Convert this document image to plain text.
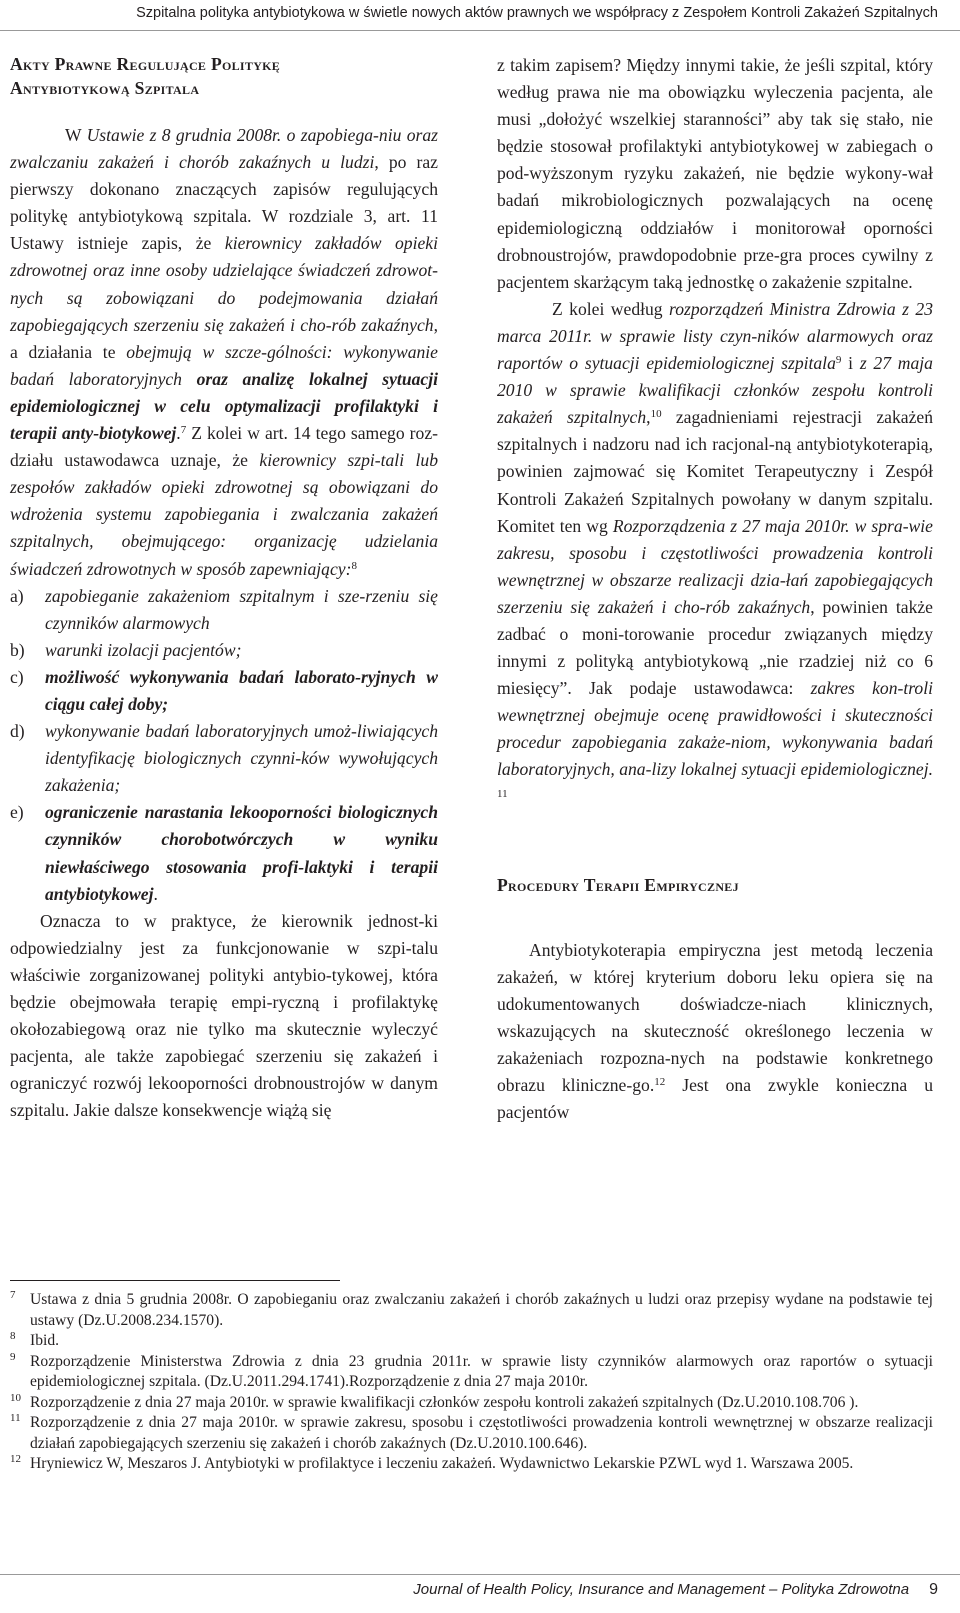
Szpitalna polityka antybiotykowa w świetle nowych aktów prawnych we współpracy z Zespołem Kontroli Zakażeń Szpitalnych
Akty Prawne Regulujące Politykę
Antybiotykową Szpitala

W Ustawie z 8 grudnia 2008r. o zapobiega-niu oraz zwalczaniu zakażeń i chorób zakaźnych u ludzi, po raz pierwszy dokonano znaczących zapisów regulujących politykę antybiotykową szpitala. W rozdziale 3, art. 11 Ustawy istnieje zapis, że kierownicy zakładów opieki zdrowotnej oraz inne osoby udzielające świadczeń zdrowot-nych są zobowiązani do podejmowania działań zapobiegających szerzeniu się zakażeń i cho-rób zakaźnych, a działania te obejmują w szcze-gólności: wykonywanie badań laboratoryjnych oraz analizę lokalnej sytuacji epidemiologicznej w celu optymalizacji profilaktyki i terapii anty-biotykowej.$^7$ Z kolei w art. 14 tego samego roz-działu ustawodawca uznaje, że kierownicy szpi-tali lub zespołów zakładów opieki zdrowotnej są obowiązani do wdrożenia systemu zapobiegania i zwalczania zakażeń szpitalnych, obejmującego: organizację udzielania świadczeń zdrowotnych w sposób zapewniający:$^8$

a) zapobieganie zakażeniom szpitalnym i sze-rzeniu się czynników alarmowych
b) warunki izolacji pacjentów;
c) możliwość wykonywania badań laborato-ryjnych w ciągu całej doby;
d) wykonywanie badań laboratoryjnych umoż-liwiających identyfikację biologicznych czynni-ków wywołujących zakażenia;
e) ograniczenie narastania lekooporności biologicznych czynników chorobotwórczych w wyniku niewłaściwego stosowania profi-laktyki i terapii antybiotykowej.

Oznacza to w praktyce, że kierownik jednost-ki odpowiedzialny jest za funkcjonowanie w szpi-talu właściwie zorganizowanej polityki antybio-tykowej, która będzie obejmowała terapię empi-ryczną i profilaktykę okołozabiegową oraz nie tylko ma skutecznie wyleczyć pacjenta, ale także zapobiegać szerzeniu się zakażeń i ograniczyć rozwój lekooporności drobnoustrojów w danym szpitalu. Jakie dalsze konsekwencje wiążą się

z takim zapisem? Między innymi takie, że jeśli szpital, który według prawa nie ma obowiązku wyleczenia pacjenta, ale musi „dołożyć wszelkiej staranności” aby tak się stało, nie będzie stosował profilaktyki antybiotykowej w zabiegach o pod-wyższonym ryzyku zakażeń, nie będzie wykony-wał badań mikrobiologicznych pozwalających na ocenę epidemiologiczną oddziałów i monitorował oporności drobnoustrojów, prawdopodobnie prze-gra proces cywilny z pacjentem skarżącym taką jednostkę o zakażenie szpitalne.

Z kolei według rozporządzeń Ministra Zdrowia z 23 marca 2011r. w sprawie listy czyn-ników alarmowych oraz raportów o sytuacji epidemiologicznej szpitala$^9$ i z 27 maja 2010 w sprawie kwalifikacji członków zespołu kontroli zakażeń szpitalnych,$^{10}$ zagadnieniami rejestracji zakażeń szpitalnych i nadzoru nad ich racjonal-ną antybiotykoterapią, powinien zajmować się Komitet Terapeutyczny i Zespół Kontroli Zakażeń Szpitalnych powołany w danym szpitalu. Komitet ten wg Rozporządzenia z 27 maja 2010r. w spra-wie zakresu, sposobu i częstotliwości prowadzenia kontroli wewnętrznej w obszarze realizacji dzia-łań zapobiegających szerzeniu się zakażeń i cho-rób zakaźnych, powinien także zadbać o moni-torowanie procedur związanych między innymi z polityką antybiotykową „nie rzadziej niż co 6 miesięcy”. Jak podaje ustawodawca: zakres kon-troli wewnętrznej obejmuje ocenę prawidłowości i skuteczności procedur zapobiegania zakaże-niom, wykonywania badań laboratoryjnych, ana-lizy lokalnej sytuacji epidemiologicznej. $^{11}$

Procedury Terapii Empirycznej

Antybiotykoterapia empiryczna jest metodą leczenia zakażeń, w której kryterium doboru leku opiera się na udokumentowanych doświadcze-niach klinicznych, wskazujących na skuteczność określonego leczenia w zakażeniach rozpozna-nych na podstawie konkretnego obrazu kliniczne-go.$^{12}$ Jest ona zwykle konieczna u pacjentów

7 Ustawa z dnia 5 grudnia 2008r. O zapobieganiu oraz zwalczaniu zakażeń i chorób zakaźnych u ludzi oraz przepisy wydane na podstawie tej ustawy (Dz.U.2008.234.1570).

8 Ibid.

9 Rozporządzenie Ministerstwa Zdrowia z dnia 23 grudnia 2011r. w sprawie listy czynników alarmowych oraz raportów o sytuacji epidemiologicznej szpitala. (Dz.U.2011.294.1741).Rozporządzenie z dnia 27 maja 2010r.

10 Rozporządzenie z dnia 27 maja 2010r. w sprawie kwalifikacji członków zespołu kontroli zakażeń szpitalnych (Dz.U.2010.108.706 ).

11 Rozporządzenie z dnia 27 maja 2010r. w sprawie zakresu, sposobu i częstotliwości prowadzenia kontroli wewnętrznej w obszarze realizacji działań zapobiegających szerzeniu się zakażeń i chorób zakaźnych (Dz.U.2010.100.646).

12 Hryniewicz W, Meszaros J. Antybiotyki w profilaktyce i leczeniu zakażeń. Wydawnictwo Lekarskie PZWL wyd 1. Warszawa 2005.

Journal of Health Policy, Insurance and Management – Polityka Zdrowotna 9
